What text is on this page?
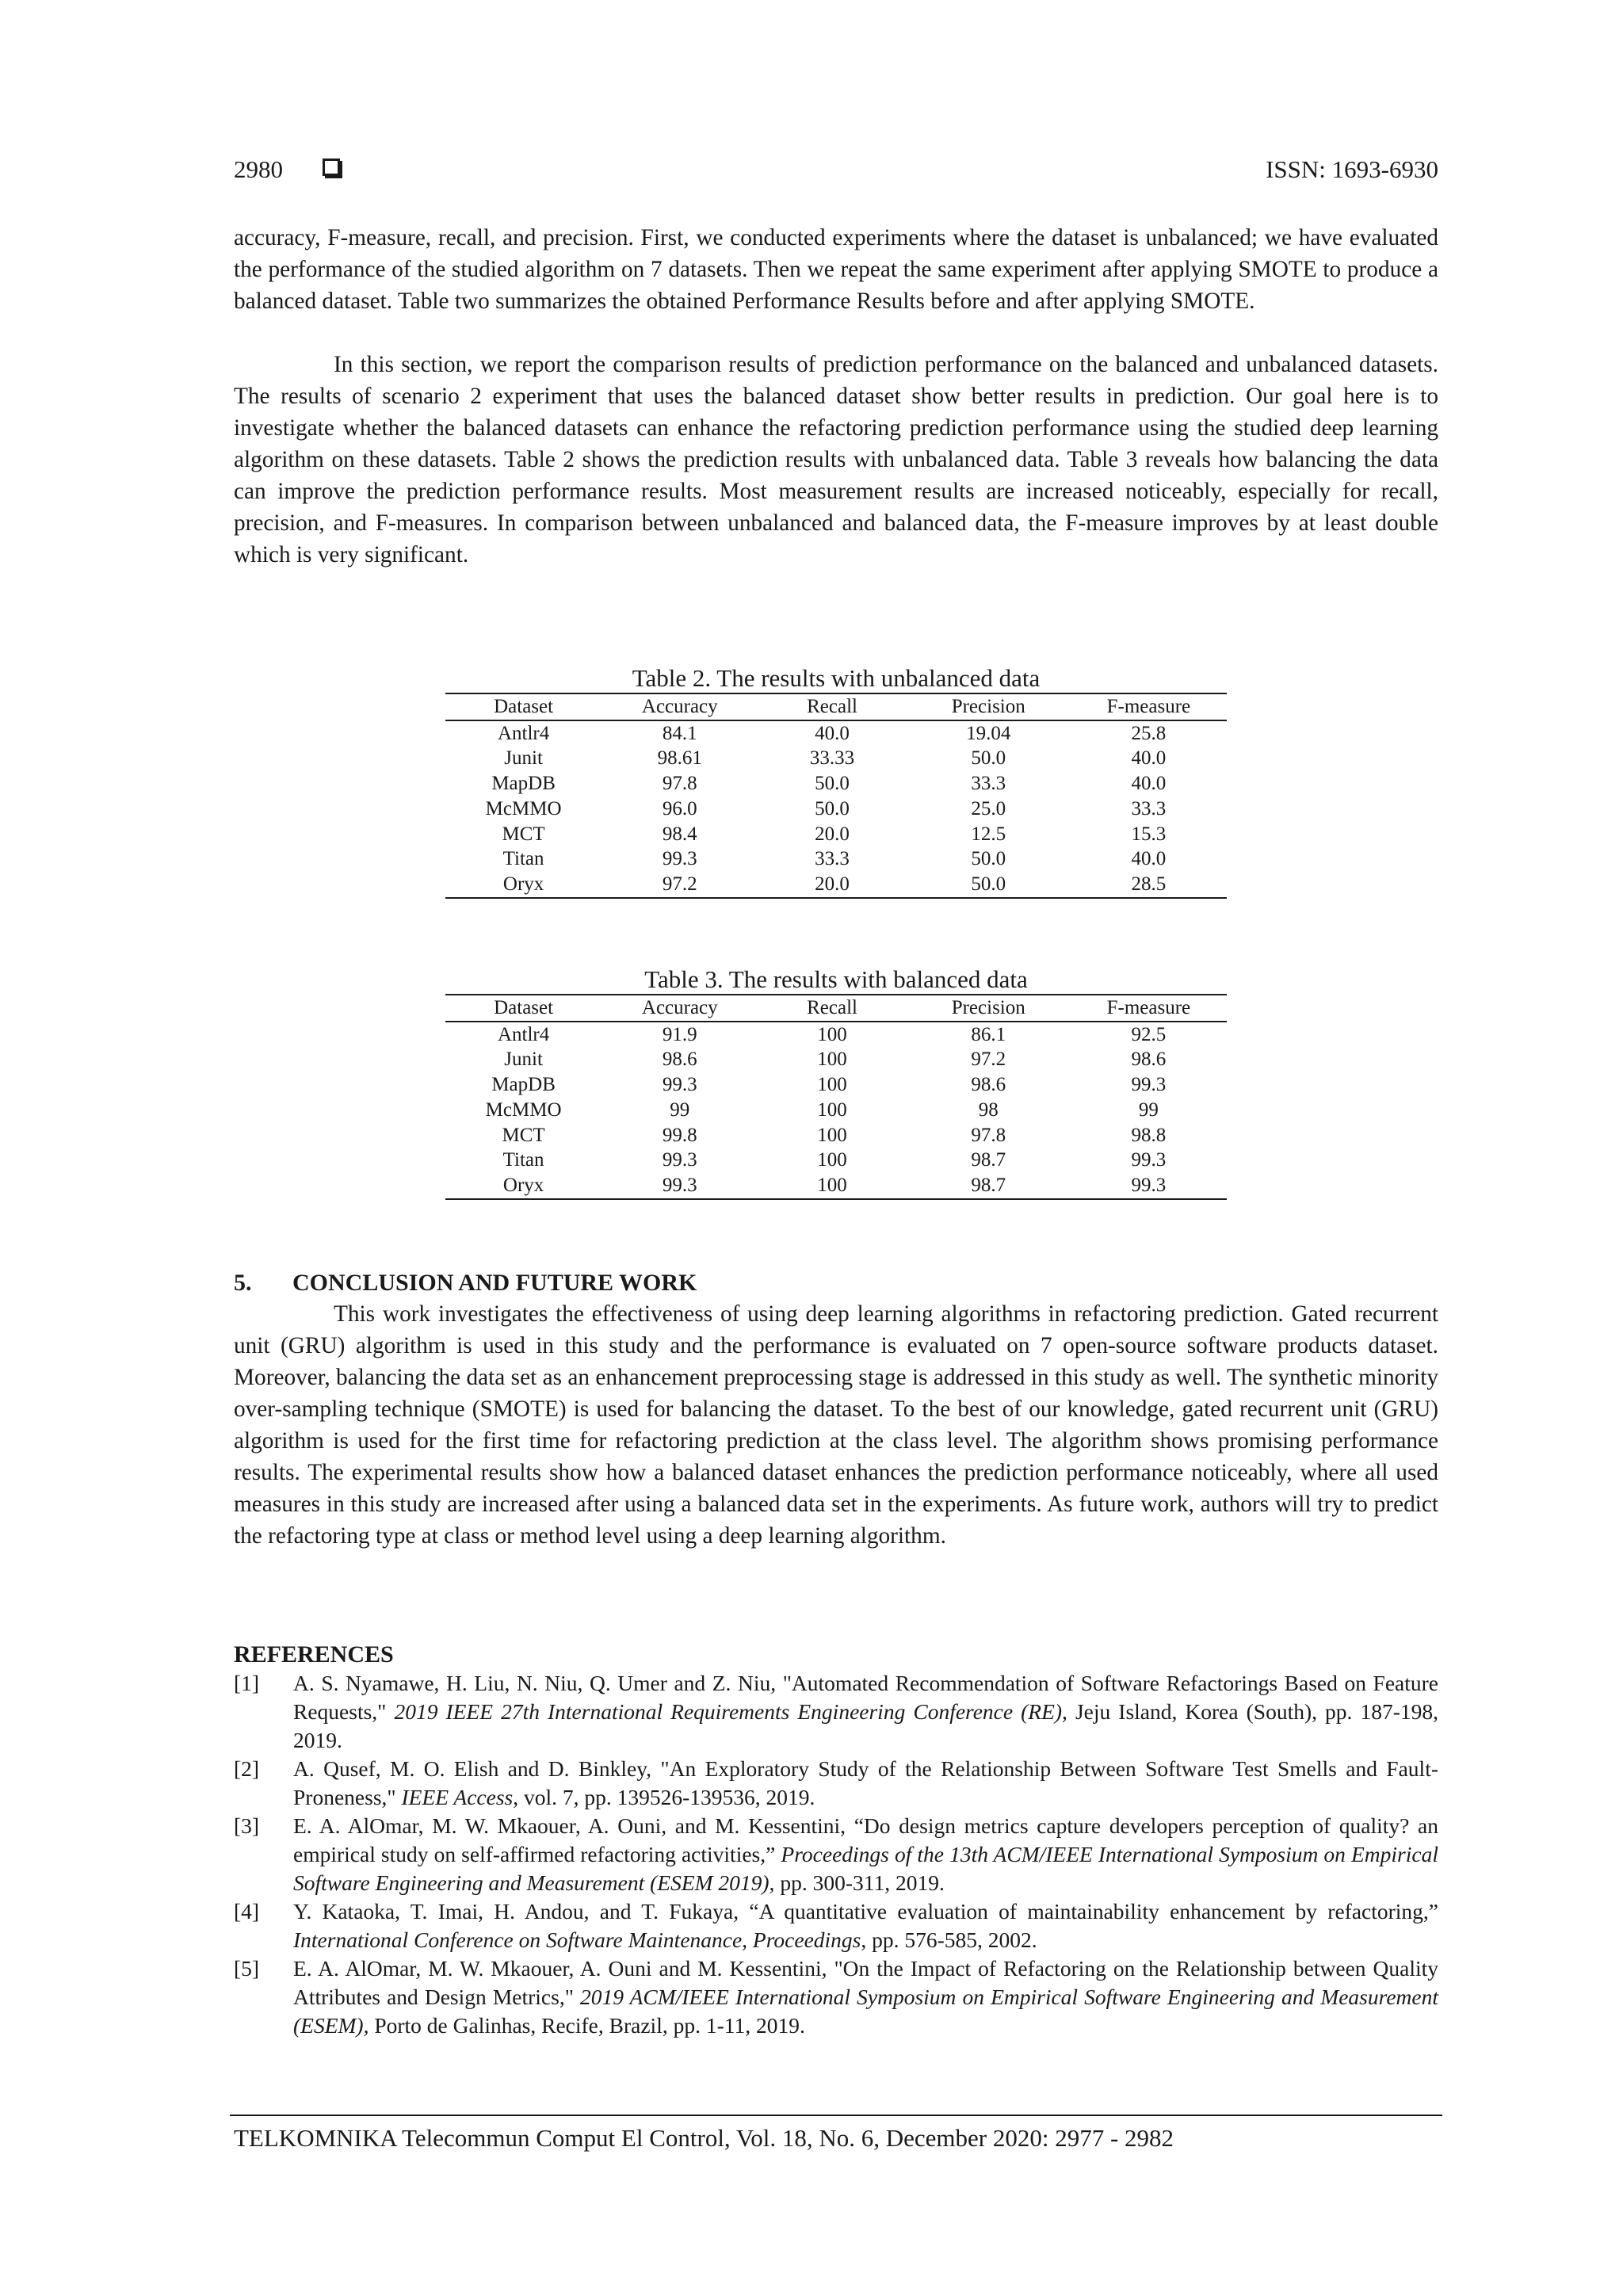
2980	ISSN: 1693-6930

accuracy, F-measure, recall, and precision. First, we conducted experiments where the dataset is unbalanced; we have evaluated the performance of the studied algorithm on 7 datasets. Then we repeat the same experiment after applying SMOTE to produce a balanced dataset. Table two summarizes the obtained Performance Results before and after applying SMOTE.

In this section, we report the comparison results of prediction performance on the balanced and unbalanced datasets. The results of scenario 2 experiment that uses the balanced dataset show better results in prediction. Our goal here is to investigate whether the balanced datasets can enhance the refactoring prediction performance using the studied deep learning algorithm on these datasets. Table 2 shows the prediction results with unbalanced data. Table 3 reveals how balancing the data can improve the prediction performance results. Most measurement results are increased noticeably, especially for recall, precision, and F-measures. In comparison between unbalanced and balanced data, the F-measure improves by at least double which is very significant.

Table 2. The results with unbalanced data
Dataset	Accuracy	Recall	Precision	F-measure
Antlr4	84.1	40.0	19.04	25.8
Junit	98.61	33.33	50.0	40.0
MapDB	97.8	50.0	33.3	40.0
McMMO	96.0	50.0	25.0	33.3
MCT	98.4	20.0	12.5	15.3
Titan	99.3	33.3	50.0	40.0
Oryx	97.2	20.0	50.0	28.5
Table 3. The results with balanced data
Dataset	Accuracy	Recall	Precision	F-measure
Antlr4	91.9	100	86.1	92.5
Junit	98.6	100	97.2	98.6
MapDB	99.3	100	98.6	99.3
McMMO	99	100	98	99
MCT	99.8	100	97.8	98.8
Titan	99.3	100	98.7	99.3
Oryx	99.3	100	98.7	99.3
5. CONCLUSION AND FUTURE WORK

This work investigates the effectiveness of using deep learning algorithms in refactoring prediction. Gated recurrent unit (GRU) algorithm is used in this study and the performance is evaluated on 7 open-source software products dataset. Moreover, balancing the data set as an enhancement preprocessing stage is addressed in this study as well. The synthetic minority over-sampling technique (SMOTE) is used for balancing the dataset. To the best of our knowledge, gated recurrent unit (GRU) algorithm is used for the first time for refactoring prediction at the class level. The algorithm shows promising performance results. The experimental results show how a balanced dataset enhances the prediction performance noticeably, where all used measures in this study are increased after using a balanced data set in the experiments. As future work, authors will try to predict the refactoring type at class or method level using a deep learning algorithm.

REFERENCES
[1] A. S. Nyamawe, H. Liu, N. Niu, Q. Umer and Z. Niu, "Automated Recommendation of Software Refactorings Based on Feature Requests," 2019 IEEE 27th International Requirements Engineering Conference (RE), Jeju Island, Korea (South), pp. 187-198, 2019.
[2] A. Qusef, M. O. Elish and D. Binkley, "An Exploratory Study of the Relationship Between Software Test Smells and Fault-Proneness," IEEE Access, vol. 7, pp. 139526-139536, 2019.
[3] E. A. AlOmar, M. W. Mkaouer, A. Ouni, and M. Kessentini, “Do design metrics capture developers perception of quality? an empirical study on self-affirmed refactoring activities,” Proceedings of the 13th ACM/IEEE International Symposium on Empirical Software Engineering and Measurement (ESEM 2019), pp. 300-311, 2019.
[4] Y. Kataoka, T. Imai, H. Andou, and T. Fukaya, “A quantitative evaluation of maintainability enhancement by refactoring,” International Conference on Software Maintenance, Proceedings, pp. 576-585, 2002.
[5] E. A. AlOmar, M. W. Mkaouer, A. Ouni and M. Kessentini, "On the Impact of Refactoring on the Relationship between Quality Attributes and Design Metrics," 2019 ACM/IEEE International Symposium on Empirical Software Engineering and Measurement (ESEM), Porto de Galinhas, Recife, Brazil, pp. 1-11, 2019.
TELKOMNIKA Telecommun Comput El Control, Vol. 18, No. 6, December 2020: 2977 - 2982
